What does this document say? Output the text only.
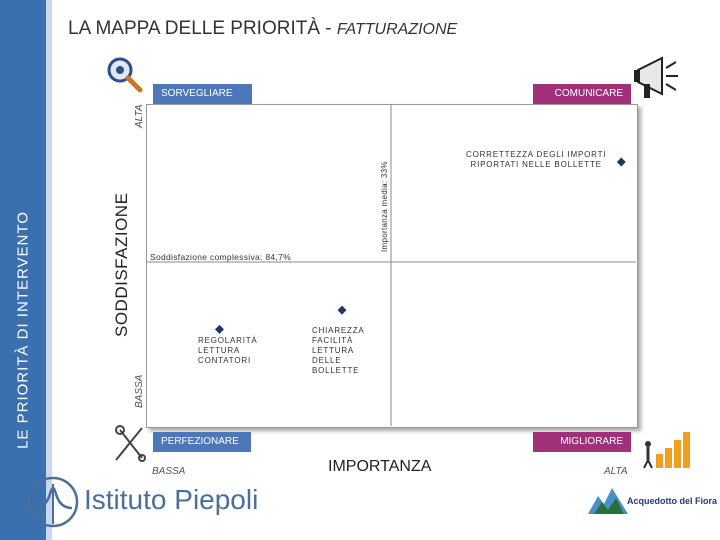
LE PRIORITÀ DI INTERVENTO
LA MAPPA DELLE PRIORITÀ - FATTURAZIONE
SORVEGLIARE	COMUNICARE
PERFEZIONARE	MIGLIORARE
ALTA
BASSA
SODDISFAZIONE
BASSA	IMPORTANZA	ALTA
Soddisfazione complessiva: 84,7%
Importanza media: 33%
CORRETTEZZA DEGLI IMPORTI
RIPORTATI NELLE BOLLETTE
REGOLARITÀ
LETTURA
CONTATORI
CHIAREZZA
FACILITÀ
LETTURA
DELLE
BOLLETTE
Istituto Piepoli	Acquedotto del Fiora
